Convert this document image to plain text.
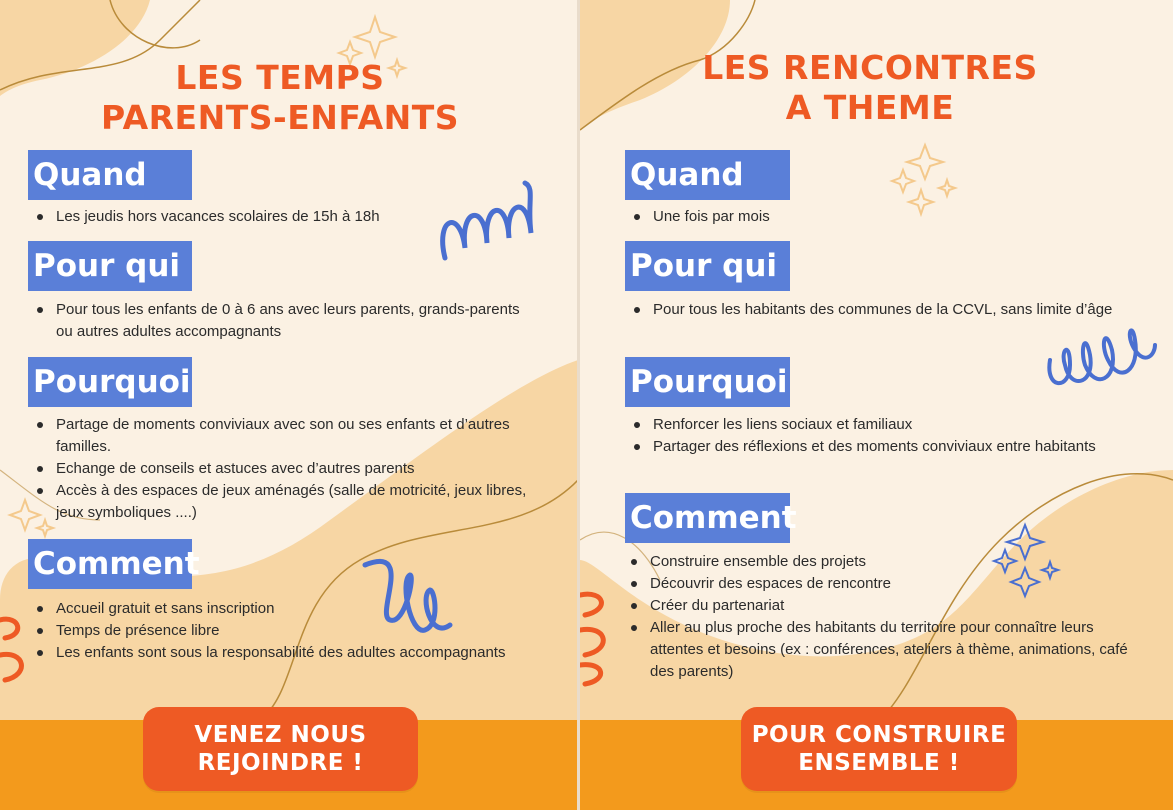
LES TEMPS
PARENTS-ENFANTS
Quand
Les jeudis hors vacances scolaires de 15h à 18h
Pour qui
Pour tous les enfants de 0 à 6 ans avec leurs parents, grands-parents ou autres adultes accompagnants
Pourquoi
Partage de moments conviviaux avec son ou ses enfants et d’autres familles.
Echange de conseils et astuces avec d’autres parents
Accès à des espaces de jeux aménagés (salle de motricité, jeux libres, jeux symboliques ....)
Comment
Accueil gratuit et sans inscription
Temps de présence libre
Les enfants sont sous la responsabilité des adultes accompagnants
VENEZ NOUS
REJOINDRE !
LES RENCONTRES
A THEME
Quand
Une fois par mois
Pour qui
Pour tous les habitants des communes de la CCVL, sans limite d’âge
Pourquoi
Renforcer les liens sociaux et familiaux
Partager des réflexions et des moments conviviaux entre habitants
Comment
Construire ensemble des projets
Découvrir des espaces de rencontre
Créer du partenariat
Aller au plus proche des habitants du territoire pour connaître leurs attentes et besoins (ex : conférences, ateliers à thème, animations, café des parents)
POUR CONSTRUIRE
ENSEMBLE !
